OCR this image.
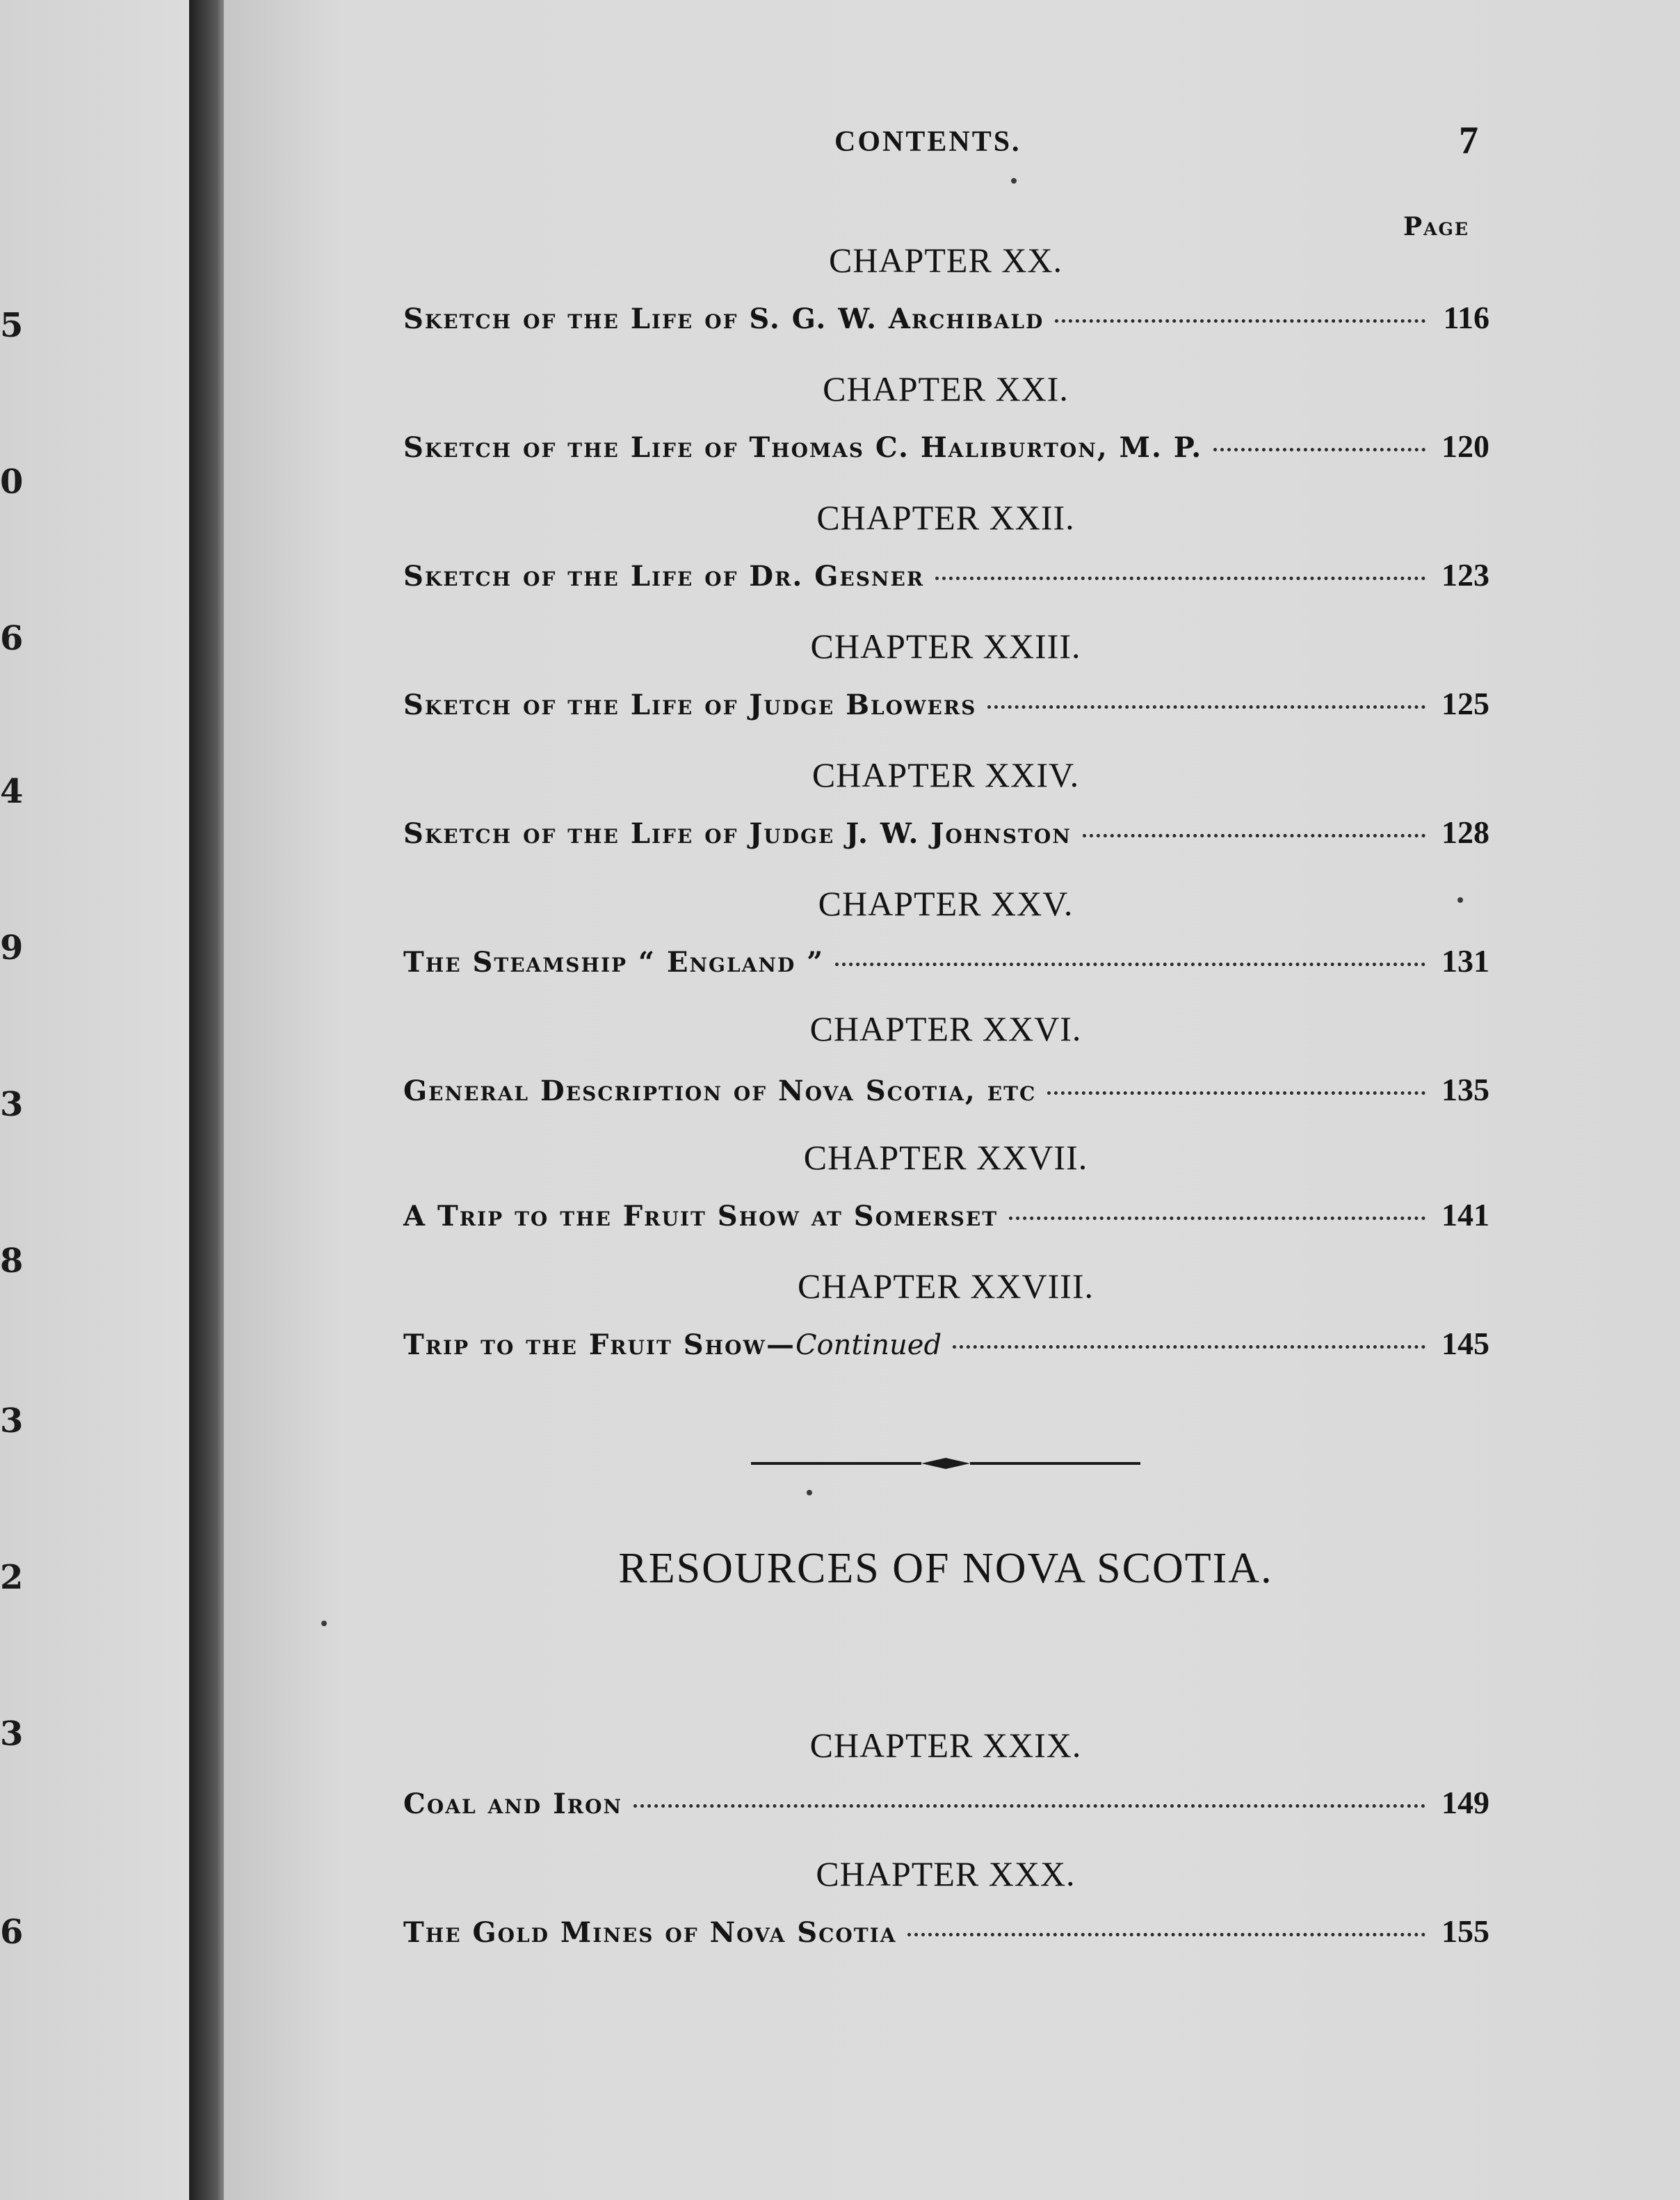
5
0
6
4
9
3
8
3
2
3
6
CONTENTS.	7
Page
CHAPTER XX.
Sketch of the Life of S. G. W. Archibald	116
CHAPTER XXI.
Sketch of the Life of Thomas C. Haliburton, M. P.	120
CHAPTER XXII.
Sketch of the Life of Dr. Gesner	123
CHAPTER XXIII.
Sketch of the Life of Judge Blowers	125
CHAPTER XXIV.
Sketch of the Life of Judge J. W. Johnston	128
CHAPTER XXV.
The Steamship “ England ”	131
CHAPTER XXVI.
General Description of Nova Scotia, etc	135
CHAPTER XXVII.
A Trip to the Fruit Show at Somerset	141
CHAPTER XXVIII.
Trip to the Fruit Show—Continued	145
RESOURCES OF NOVA SCOTIA.
CHAPTER XXIX.
Coal and Iron	149
CHAPTER XXX.
The Gold Mines of Nova Scotia	155
